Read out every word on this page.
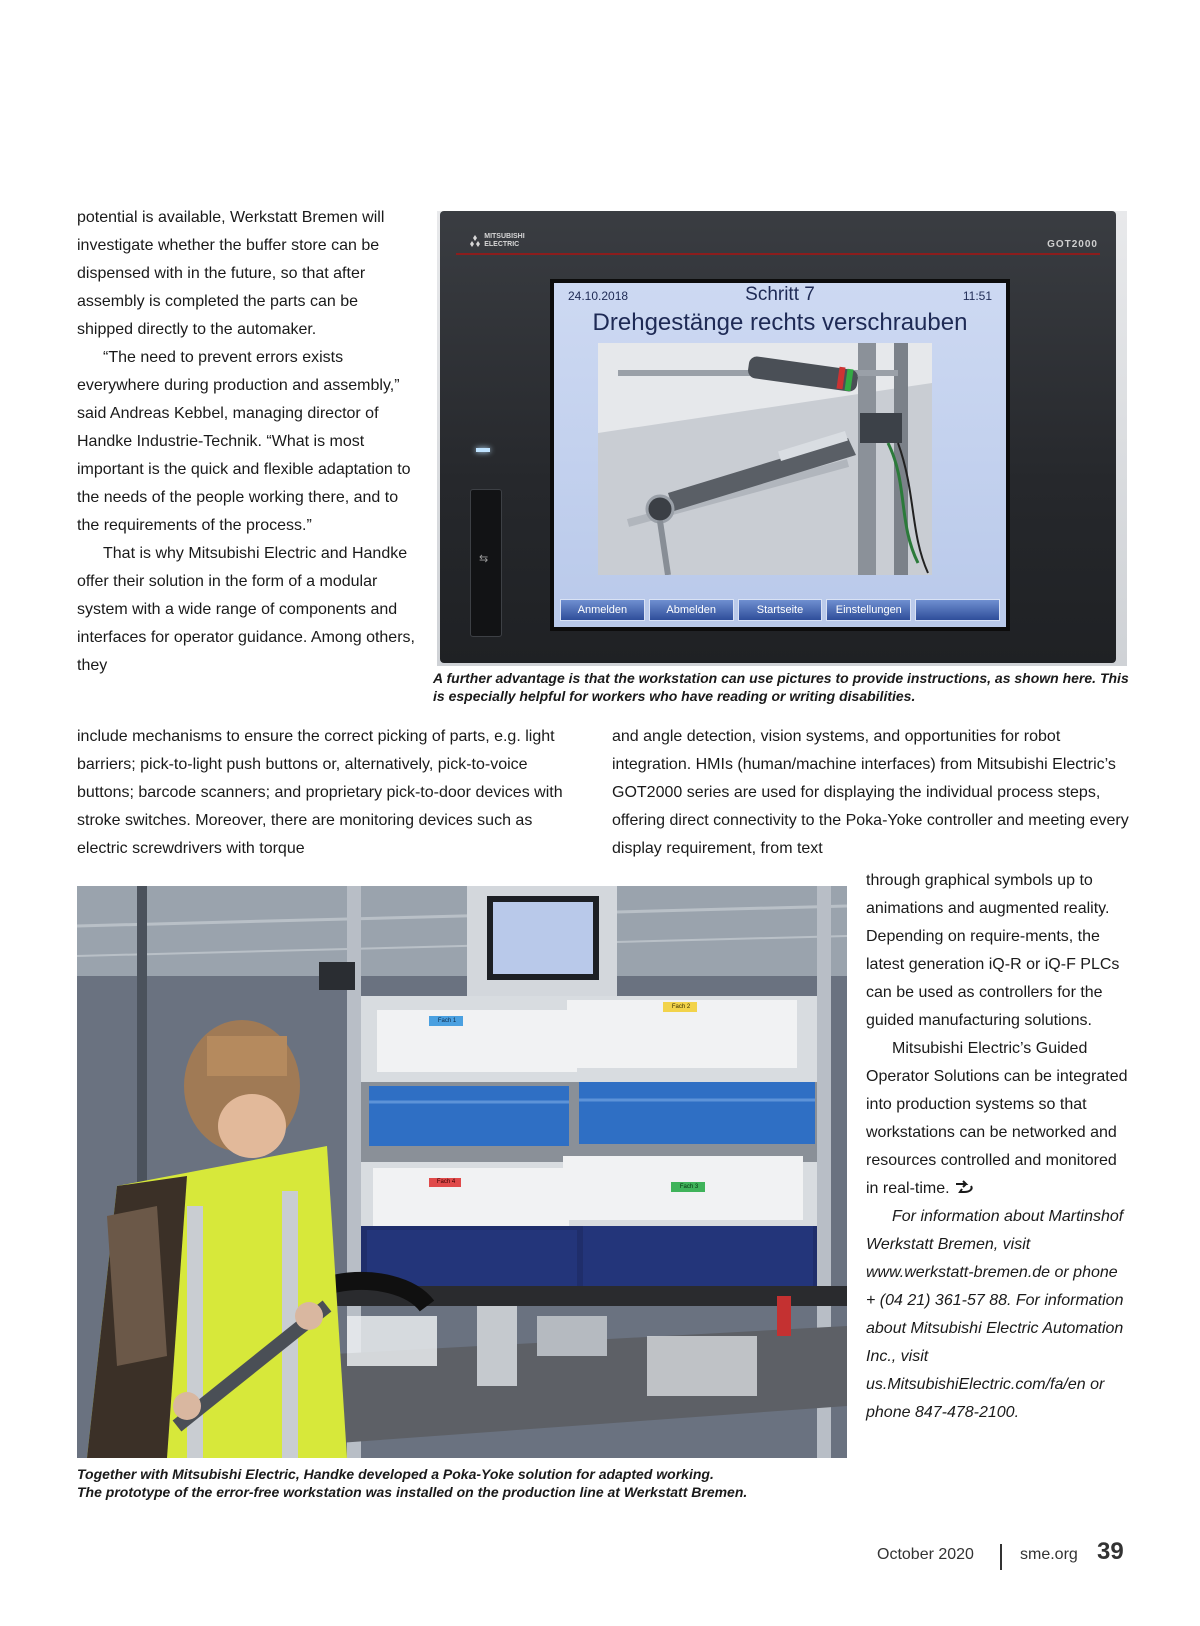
potential is available, Werkstatt Bremen will investigate whether the buffer store can be dispensed with in the future, so that after assembly is completed the parts can be shipped directly to the automaker.

“The need to prevent errors exists everywhere during production and assembly,” said Andreas Kebbel, managing director of Handke Industrie-Technik. “What is most important is the quick and flexible adaptation to the needs of the people working there, and to the requirements of the process.”

That is why Mitsubishi Electric and Handke offer their solution in the form of a modular system with a wide range of components and interfaces for operator guidance. Among others, they

MITSUBISHI ELECTRIC	GOT2000
⇆
Schritt 7
24.10.2018	11:51
Drehgestänge rechts verschrauben
Anmelden	Abmelden	Startseite	Einstellungen
A further advantage is that the workstation can use pictures to provide instructions, as shown here. This is especially helpful for workers who have reading or writing disabilities.
include mechanisms to ensure the correct picking of parts, e.g. light barriers; pick-to-light push buttons or, alternatively, pick-to-voice buttons; barcode scanners; and proprietary pick-to-door devices with stroke switches. Moreover, there are monitoring devices such as electric screwdrivers with torque
and angle detection, vision systems, and opportunities for robot integration. HMIs (human/machine interfaces) from Mitsubishi Electric’s GOT2000 series are used for displaying the individual process steps, offering direct connectivity to the Poka-Yoke controller and meeting every display requirement, from text
Fach 1
Fach 2
Fach 4
Fach 3
Together with Mitsubishi Electric, Handke developed a Poka-Yoke solution for adapted working.
The prototype of the error-free workstation was installed on the production line at Werkstatt Bremen.

through graphical symbols up to animations and augmented reality. Depending on require-ments, the latest generation iQ-R or iQ-F PLCs can be used as controllers for the guided manufacturing solutions.

Mitsubishi Electric’s Guided Operator Solutions can be integrated into production systems so that workstations can be networked and resources controlled and monitored in real-time.

For information about Martinshof Werkstatt Bremen, visit www.werkstatt-bremen.de or phone + (04 21) 361-57 88. For information about Mitsubishi Electric Automation Inc., visit us.MitsubishiElectric.com/fa/en or phone 847-478-2100.

October 2020	sme.org 39
